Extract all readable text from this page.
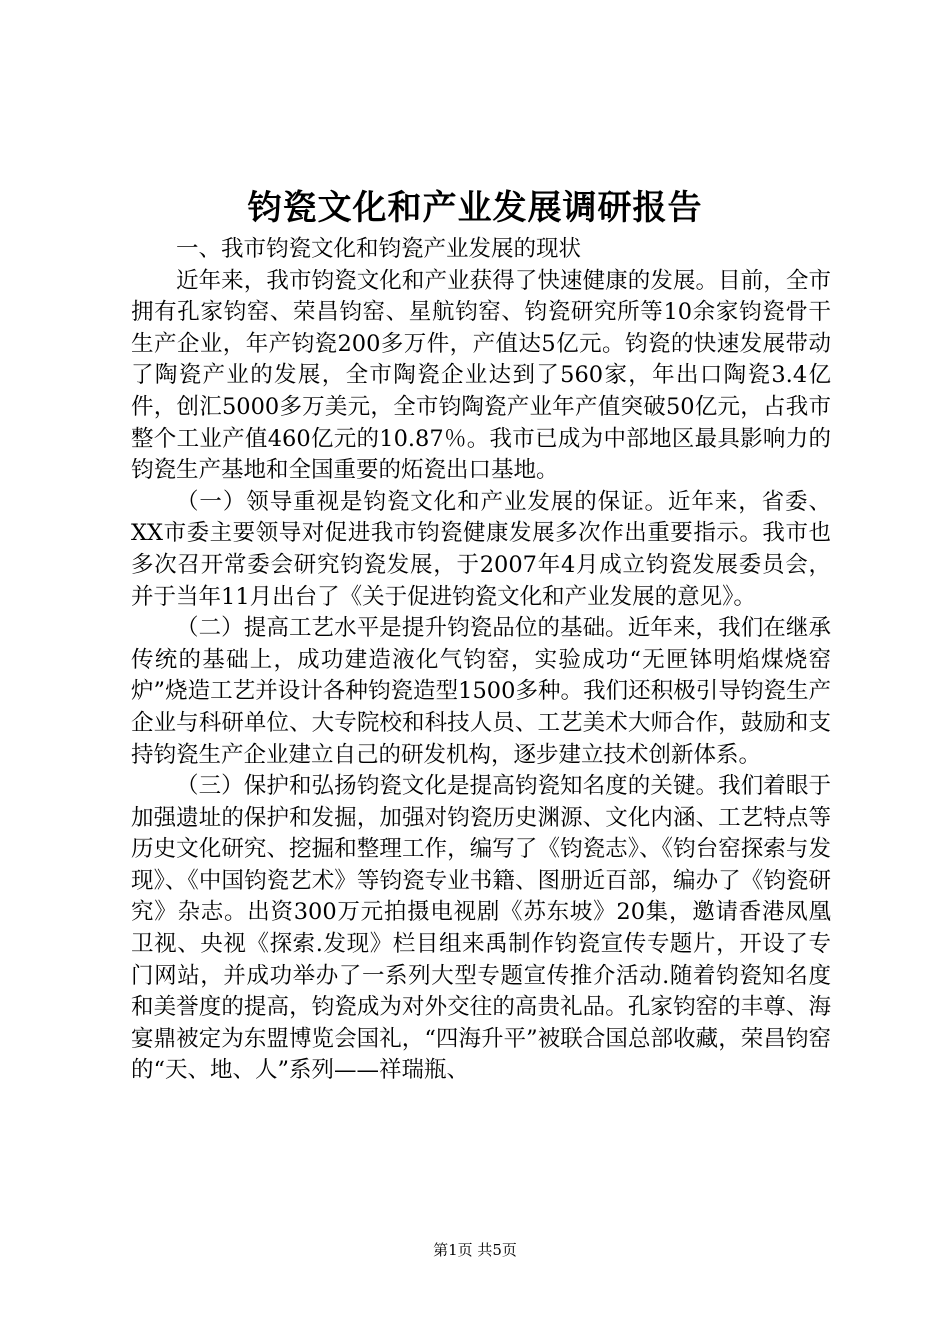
钧瓷文化和产业发展调研报告

一、我市钧瓷文化和钧瓷产业发展的现状

近年来，我市钧瓷文化和产业获得了快速健康的发展。目前，全市拥有孔家钧窑、荣昌钧窑、星航钧窑、钧瓷研究所等10余家钧瓷骨干生产企业，年产钧瓷200多万件，产值达5亿元。钧瓷的快速发展带动了陶瓷产业的发展，全市陶瓷企业达到了560家，年出口陶瓷3.4亿件，创汇5000多万美元，全市钧陶瓷产业年产值突破50亿元，占我市整个工业产值460亿元的10.87％。我市已成为中部地区最具影响力的钧瓷生产基地和全国重要的炻瓷出口基地。

（一）领导重视是钧瓷文化和产业发展的保证。近年来，省委、XX市委主要领导对促进我市钧瓷健康发展多次作出重要指示。我市也多次召开常委会研究钧瓷发展，于2007年4月成立钧瓷发展委员会，并于当年11月出台了《关于促进钧瓷文化和产业发展的意见》。

（二）提高工艺水平是提升钧瓷品位的基础。近年来，我们在继承传统的基础上，成功建造液化气钧窑，实验成功“无匣钵明焰煤烧窑炉”烧造工艺并设计各种钧瓷造型1500多种。我们还积极引导钧瓷生产企业与科研单位、大专院校和科技人员、工艺美术大师合作，鼓励和支持钧瓷生产企业建立自己的研发机构，逐步建立技术创新体系。

（三）保护和弘扬钧瓷文化是提高钧瓷知名度的关键。我们着眼于加强遗址的保护和发掘，加强对钧瓷历史渊源、文化内涵、工艺特点等历史文化研究、挖掘和整理工作，编写了《钧瓷志》、《钧台窑探索与发现》、《中国钧瓷艺术》等钧瓷专业书籍、图册近百部，编办了《钧瓷研究》杂志。出资300万元拍摄电视剧《苏东坡》20集，邀请香港凤凰卫视、央视《探索.发现》栏目组来禹制作钧瓷宣传专题片，开设了专门网站，并成功举办了一系列大型专题宣传推介活动.随着钧瓷知名度和美誉度的提高，钧瓷成为对外交往的高贵礼品。孔家钧窑的丰尊、海宴鼎被定为东盟博览会国礼，“四海升平”被联合国总部收藏，荣昌钧窑的“天、地、人”系列——祥瑞瓶、

第1页 共5页
